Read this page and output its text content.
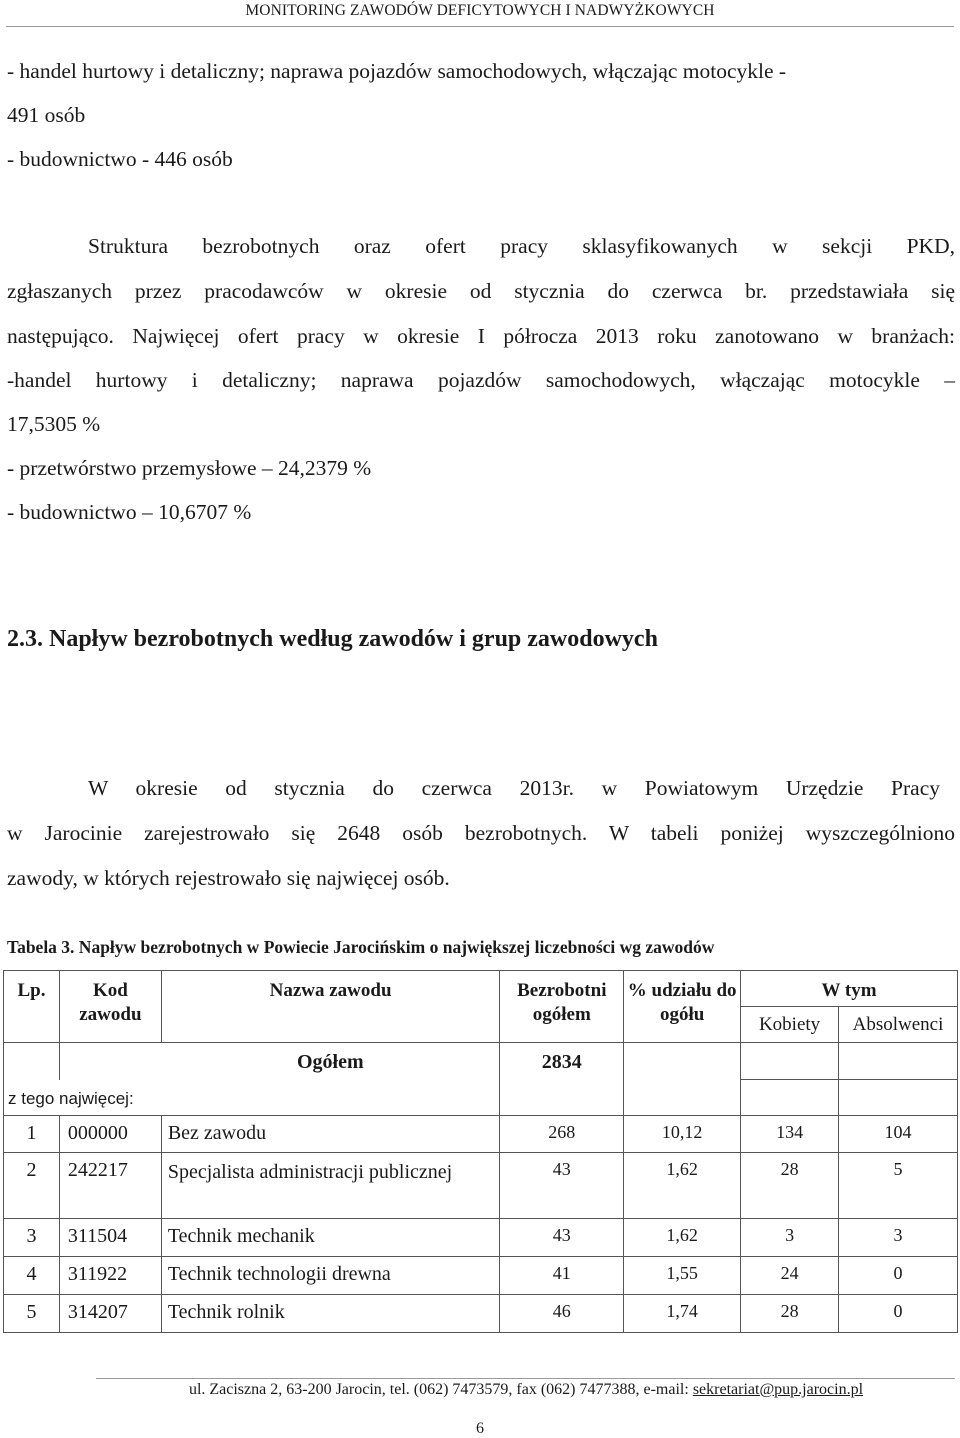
MONITORING ZAWODÓW DEFICYTOWYCH I NADWYŻKOWYCH

- handel hurtowy i detaliczny; naprawa pojazdów samochodowych, włączając motocykle -

491 osób

- budownictwo - 446 osób

Struktura bezrobotnych oraz ofert pracy sklasyfikowanych w sekcji PKD,

zgłaszanych przez pracodawców w okresie od stycznia do czerwca br. przedstawiała się

następująco. Najwięcej ofert pracy w okresie I półrocza 2013 roku zanotowano w branżach:

-handel hurtowy i detaliczny; naprawa pojazdów samochodowych, włączając motocykle –

17,5305 %

- przetwórstwo przemysłowe – 24,2379 %

- budownictwo – 10,6707 %

2.3. Napływ bezrobotnych według zawodów i grup zawodowych

W okresie od stycznia do czerwca 2013r. w Powiatowym Urzędzie Pracy

w Jarocinie zarejestrowało się 2648 osób bezrobotnych. W tabeli poniżej wyszczególniono

zawody, w których rejestrowało się najwięcej osób.

Tabela 3. Napływ bezrobotnych w Powiecie Jarocińskim o największej liczebności wg zawodów
Lp.	Kod zawodu	Nazwa zawodu	Bezrobotni ogółem	% udziału do ogółu	W tym	
					Kobiety	Absolwenci
		Ogółem	2834			
z tego najwięcej:						
1	000000	Bez zawodu	268	10,12	134	104
2	242217	Specjalista administracji publicznej	43	1,62	28	5
3	311504	Technik mechanik	43	1,62	3	3
4	311922	Technik technologii drewna	41	1,55	24	0
5	314207	Technik rolnik	46	1,74	28	0
ul. Zaciszna 2, 63-200 Jarocin, tel. (062) 7473579, fax (062) 7477388, e-mail: sekretariat@pup.jarocin.pl
6
